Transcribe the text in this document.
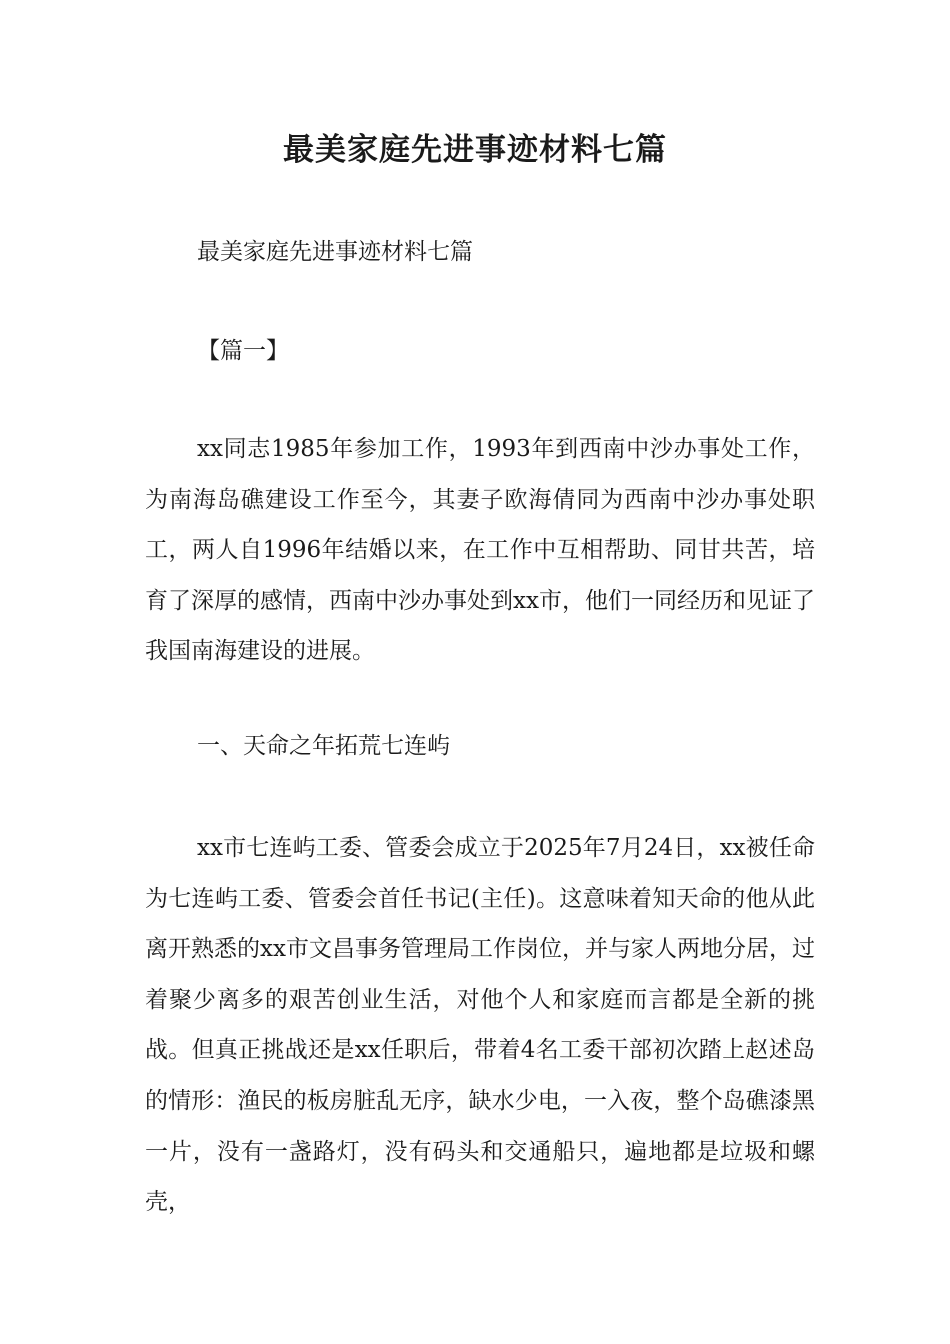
最美家庭先进事迹材料七篇

最美家庭先进事迹材料七篇

【篇一】

xx同志1985年参加工作，1993年到西南中沙办事处工作，为南海岛礁建设工作至今，其妻子欧海倩同为西南中沙办事处职工，两人自1996年结婚以来，在工作中互相帮助、同甘共苦，培育了深厚的感情，西南中沙办事处到xx市，他们一同经历和见证了我国南海建设的进展。

一、天命之年拓荒七连屿

xx市七连屿工委、管委会成立于2025年7月24日，xx被任命为七连屿工委、管委会首任书记(主任)。这意味着知天命的他从此离开熟悉的xx市文昌事务管理局工作岗位，并与家人两地分居，过着聚少离多的艰苦创业生活，对他个人和家庭而言都是全新的挑战。但真正挑战还是xx任职后，带着4名工委干部初次踏上赵述岛的情形：渔民的板房脏乱无序，缺水少电，一入夜，整个岛礁漆黑一片，没有一盏路灯，没有码头和交通船只，遍地都是垃圾和螺壳，
